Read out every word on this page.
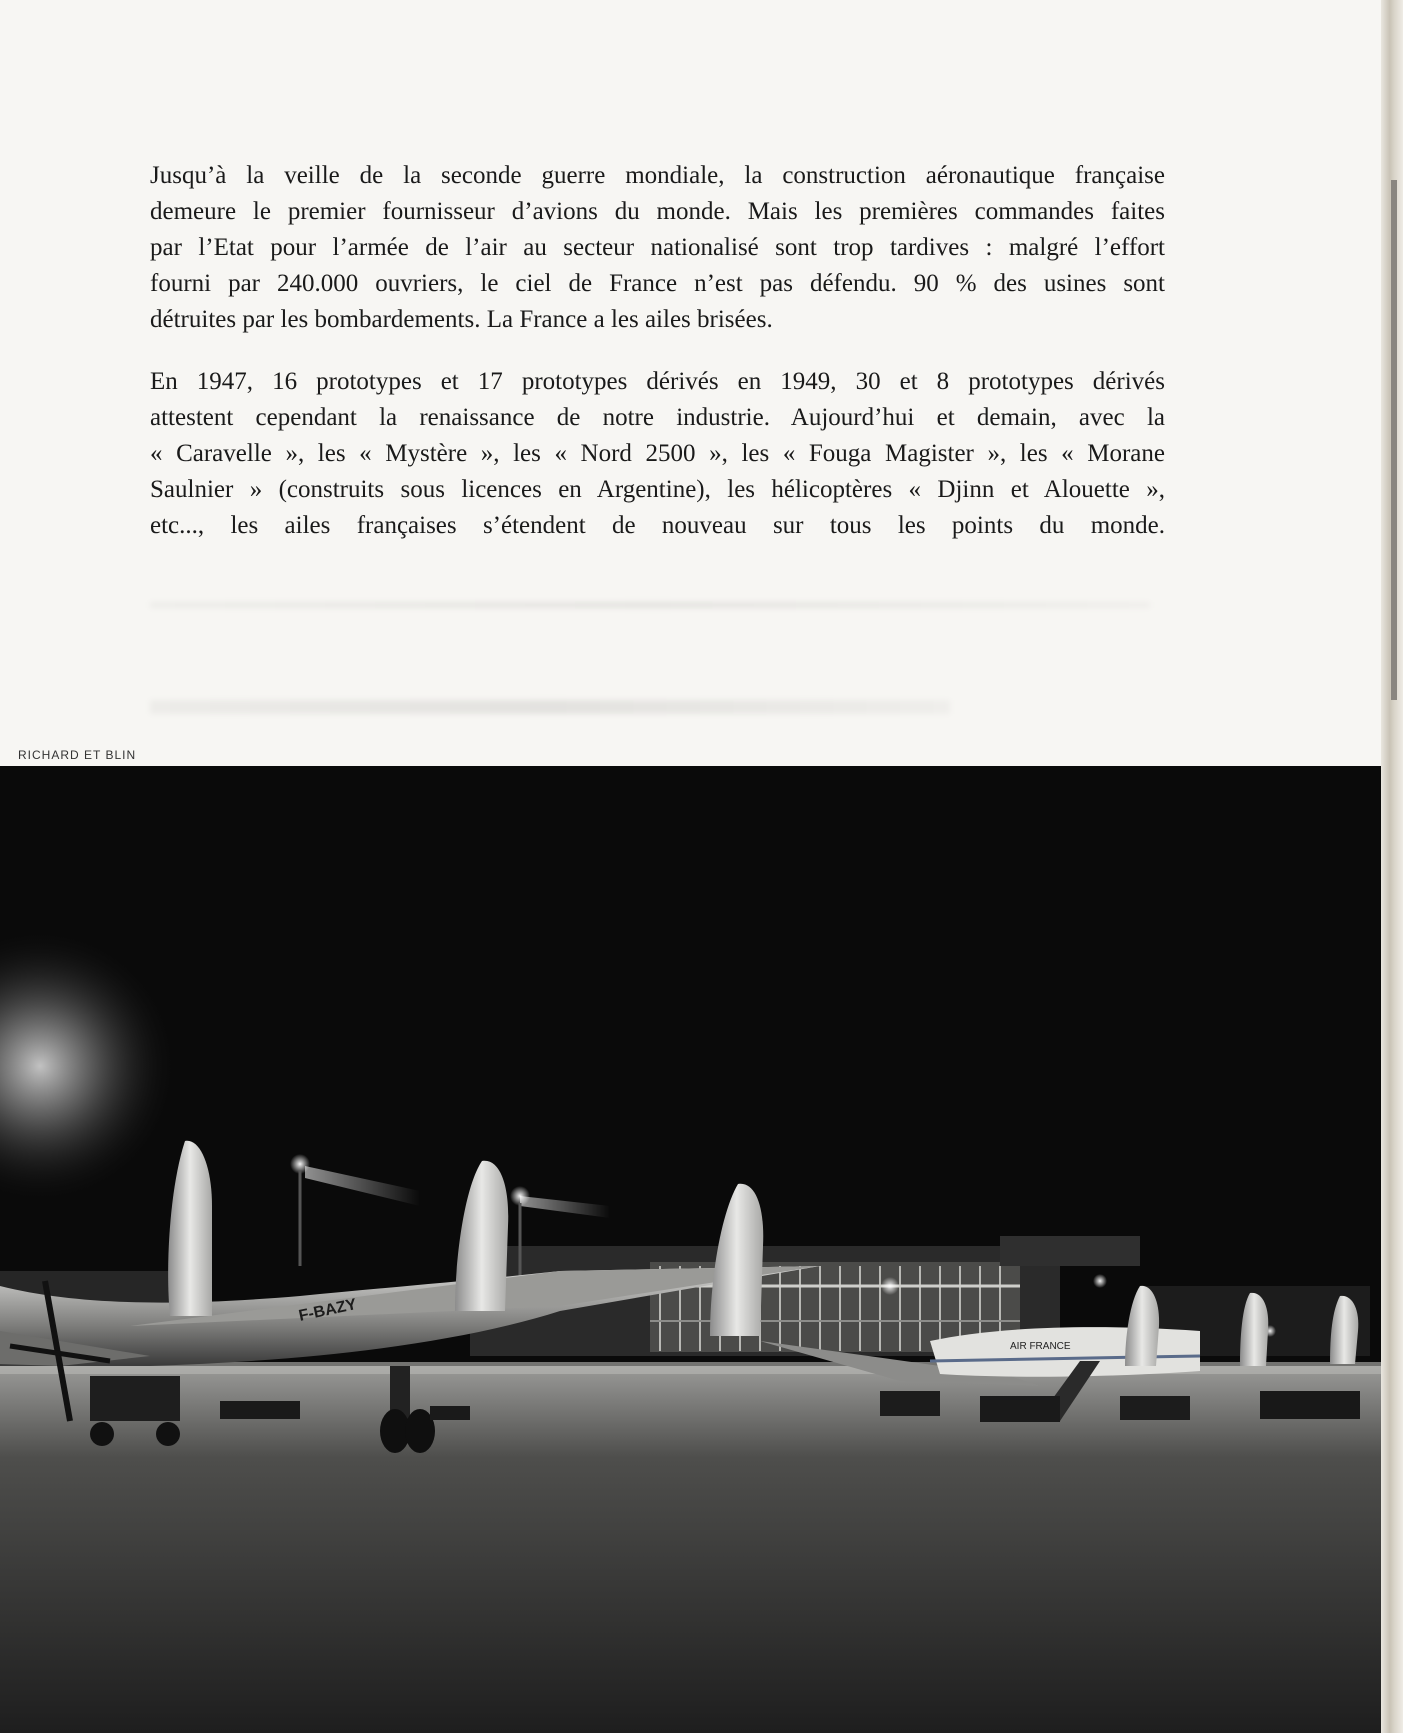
Jusqu’à la veille de la seconde guerre mondiale, la construction aéronautique française
demeure le premier fournisseur d’avions du monde. Mais les premières commandes faites
par l’Etat pour l’armée de l’air au secteur nationalisé sont trop tardives : malgré l’effort
fourni par 240.000 ouvriers, le ciel de France n’est pas défendu. 90 % des usines sont
détruites par les bombardements. La France a les ailes brisées.

En 1947, 16 prototypes et 17 prototypes dérivés en 1949, 30 et 8 prototypes dérivés
attestent cependant la renaissance de notre industrie. Aujourd’hui et demain, avec la
« Caravelle », les « Mystère », les « Nord 2500 », les « Fouga Magister », les « Morane
Saulnier » (construits sous licences en Argentine), les hélicoptères « Djinn et Alouette »,
etc..., les ailes françaises s’étendent de nouveau sur tous les points du monde.

RICHARD ET BLIN
F-BAZY
AIR FRANCE
